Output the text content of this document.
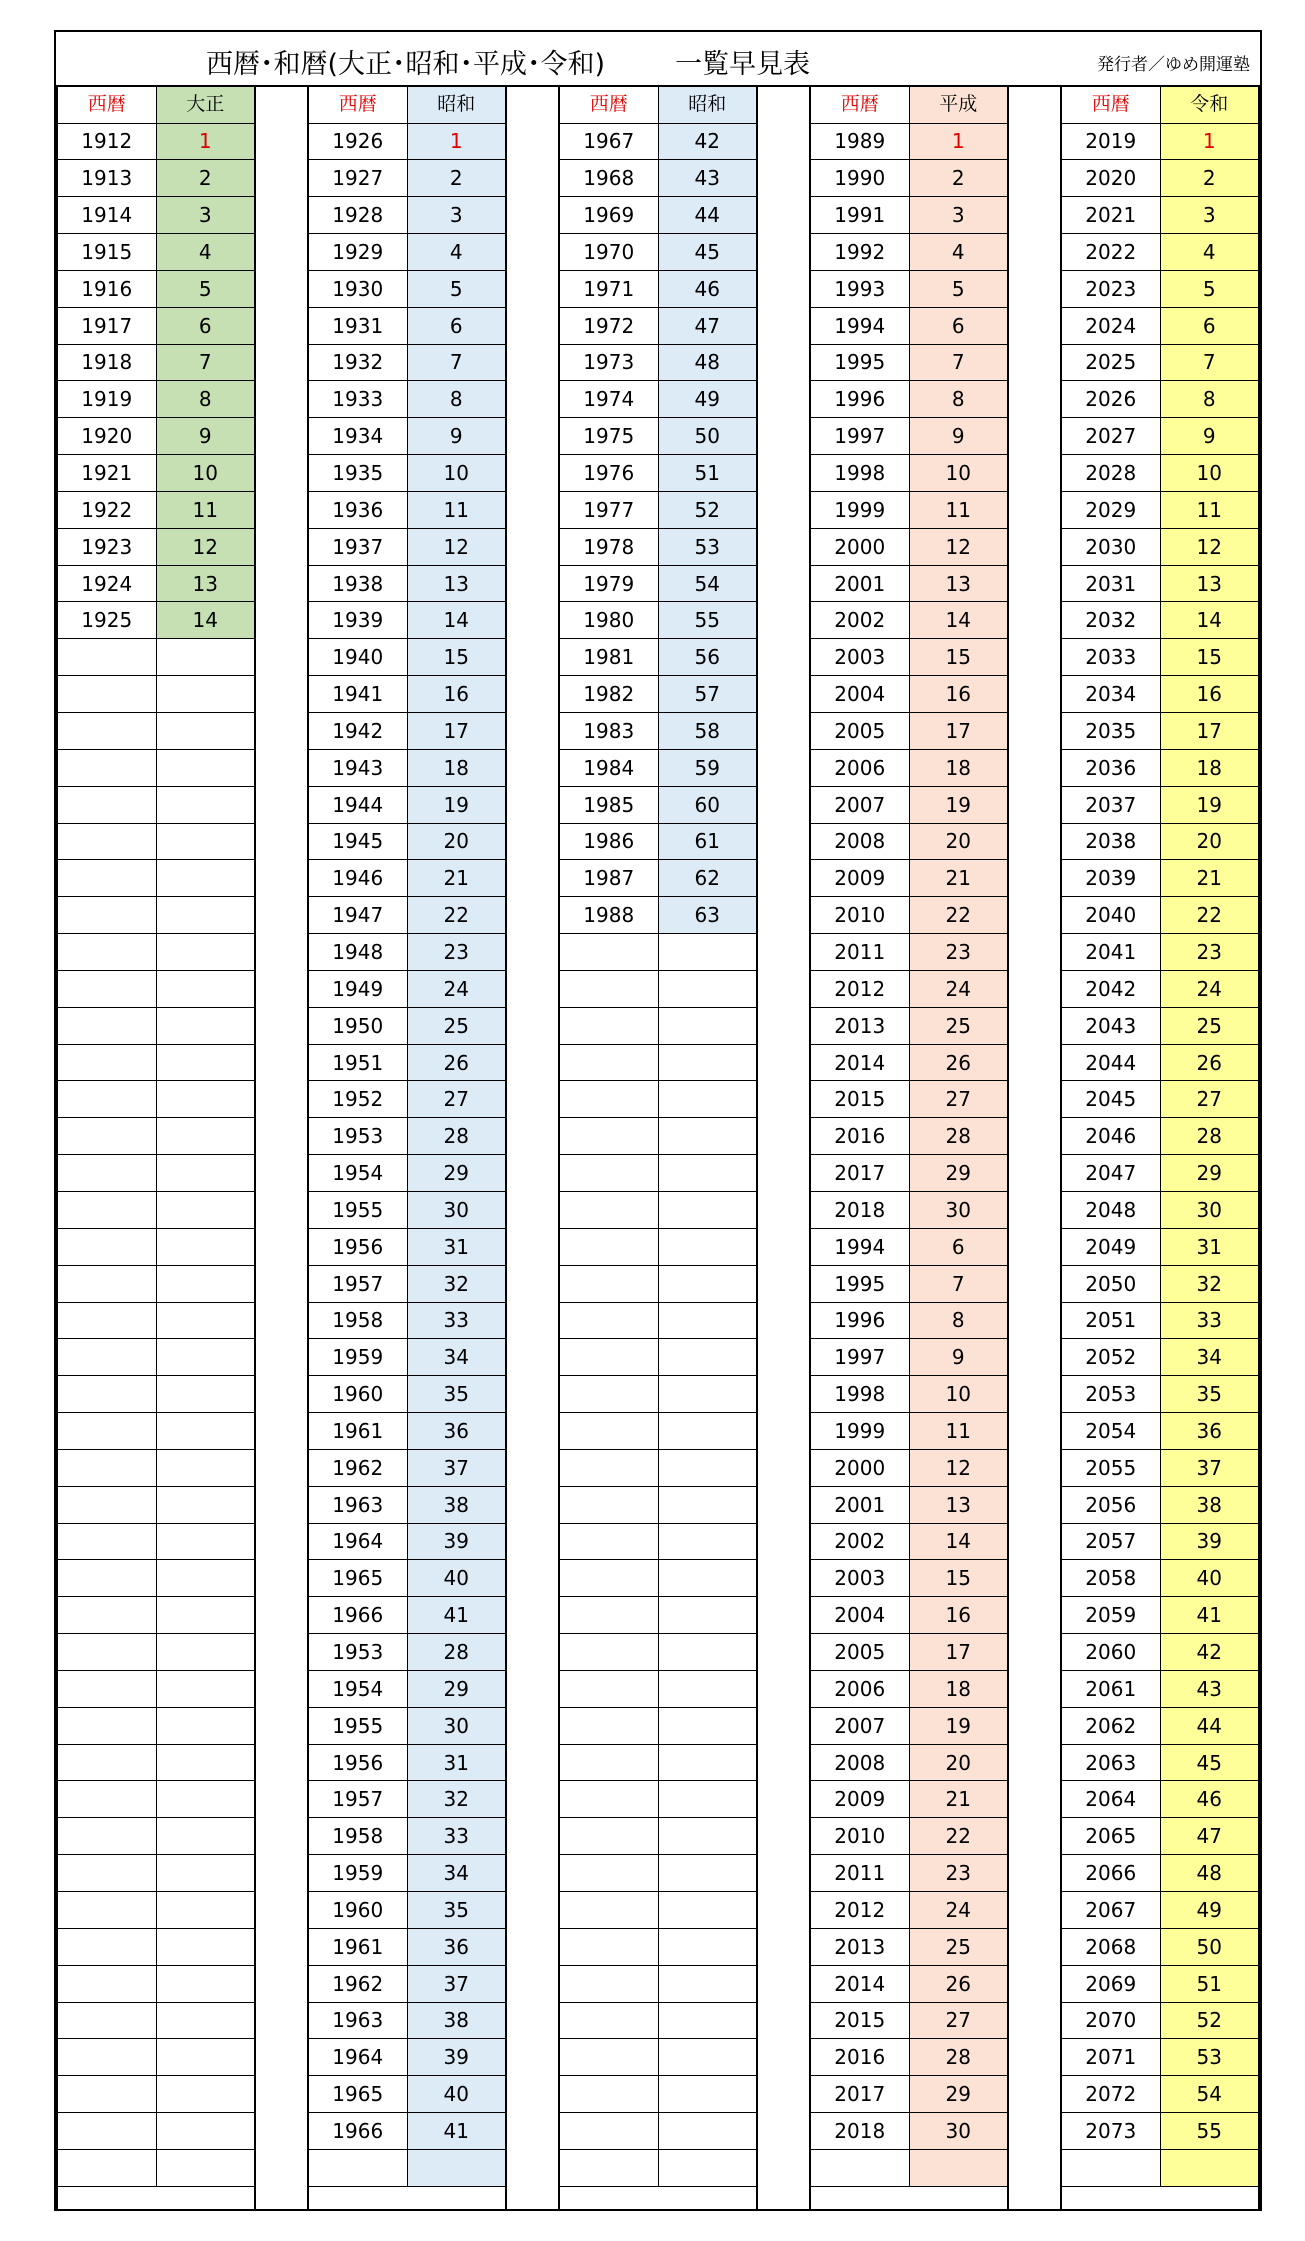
西暦･和暦(大正･昭和･平成･令和)	一覧早見表	発行者／ゆめ開運塾
西暦	大正
1912	1
1913	2
1914	3
1915	4
1916	5
1917	6
1918	7
1919	8
1920	9
1921	10
1922	11
1923	12
1924	13
1925	14

西暦	昭和
1926	1
1927	2
1928	3
1929	4
1930	5
1931	6
1932	7
1933	8
1934	9
1935	10
1936	11
1937	12
1938	13
1939	14
1940	15
1941	16
1942	17
1943	18
1944	19
1945	20
1946	21
1947	22
1948	23
1949	24
1950	25
1951	26
1952	27
1953	28
1954	29
1955	30
1956	31
1957	32
1958	33
1959	34
1960	35
1961	36
1962	37
1963	38
1964	39
1965	40
1966	41
1953	28
1954	29
1955	30
1956	31
1957	32
1958	33
1959	34
1960	35
1961	36
1962	37
1963	38
1964	39
1965	40
1966	41

西暦	昭和
1967	42
1968	43
1969	44
1970	45
1971	46
1972	47
1973	48
1974	49
1975	50
1976	51
1977	52
1978	53
1979	54
1980	55
1981	56
1982	57
1983	58
1984	59
1985	60
1986	61
1987	62
1988	63

西暦	平成
1989	1
1990	2
1991	3
1992	4
1993	5
1994	6
1995	7
1996	8
1997	9
1998	10
1999	11
2000	12
2001	13
2002	14
2003	15
2004	16
2005	17
2006	18
2007	19
2008	20
2009	21
2010	22
2011	23
2012	24
2013	25
2014	26
2015	27
2016	28
2017	29
2018	30
1994	6
1995	7
1996	8
1997	9
1998	10
1999	11
2000	12
2001	13
2002	14
2003	15
2004	16
2005	17
2006	18
2007	19
2008	20
2009	21
2010	22
2011	23
2012	24
2013	25
2014	26
2015	27
2016	28
2017	29
2018	30

西暦	令和
2019	1
2020	2
2021	3
2022	4
2023	5
2024	6
2025	7
2026	8
2027	9
2028	10
2029	11
2030	12
2031	13
2032	14
2033	15
2034	16
2035	17
2036	18
2037	19
2038	20
2039	21
2040	22
2041	23
2042	24
2043	25
2044	26
2045	27
2046	28
2047	29
2048	30
2049	31
2050	32
2051	33
2052	34
2053	35
2054	36
2055	37
2056	38
2057	39
2058	40
2059	41
2060	42
2061	43
2062	44
2063	45
2064	46
2065	47
2066	48
2067	49
2068	50
2069	51
2070	52
2071	53
2072	54
2073	55
